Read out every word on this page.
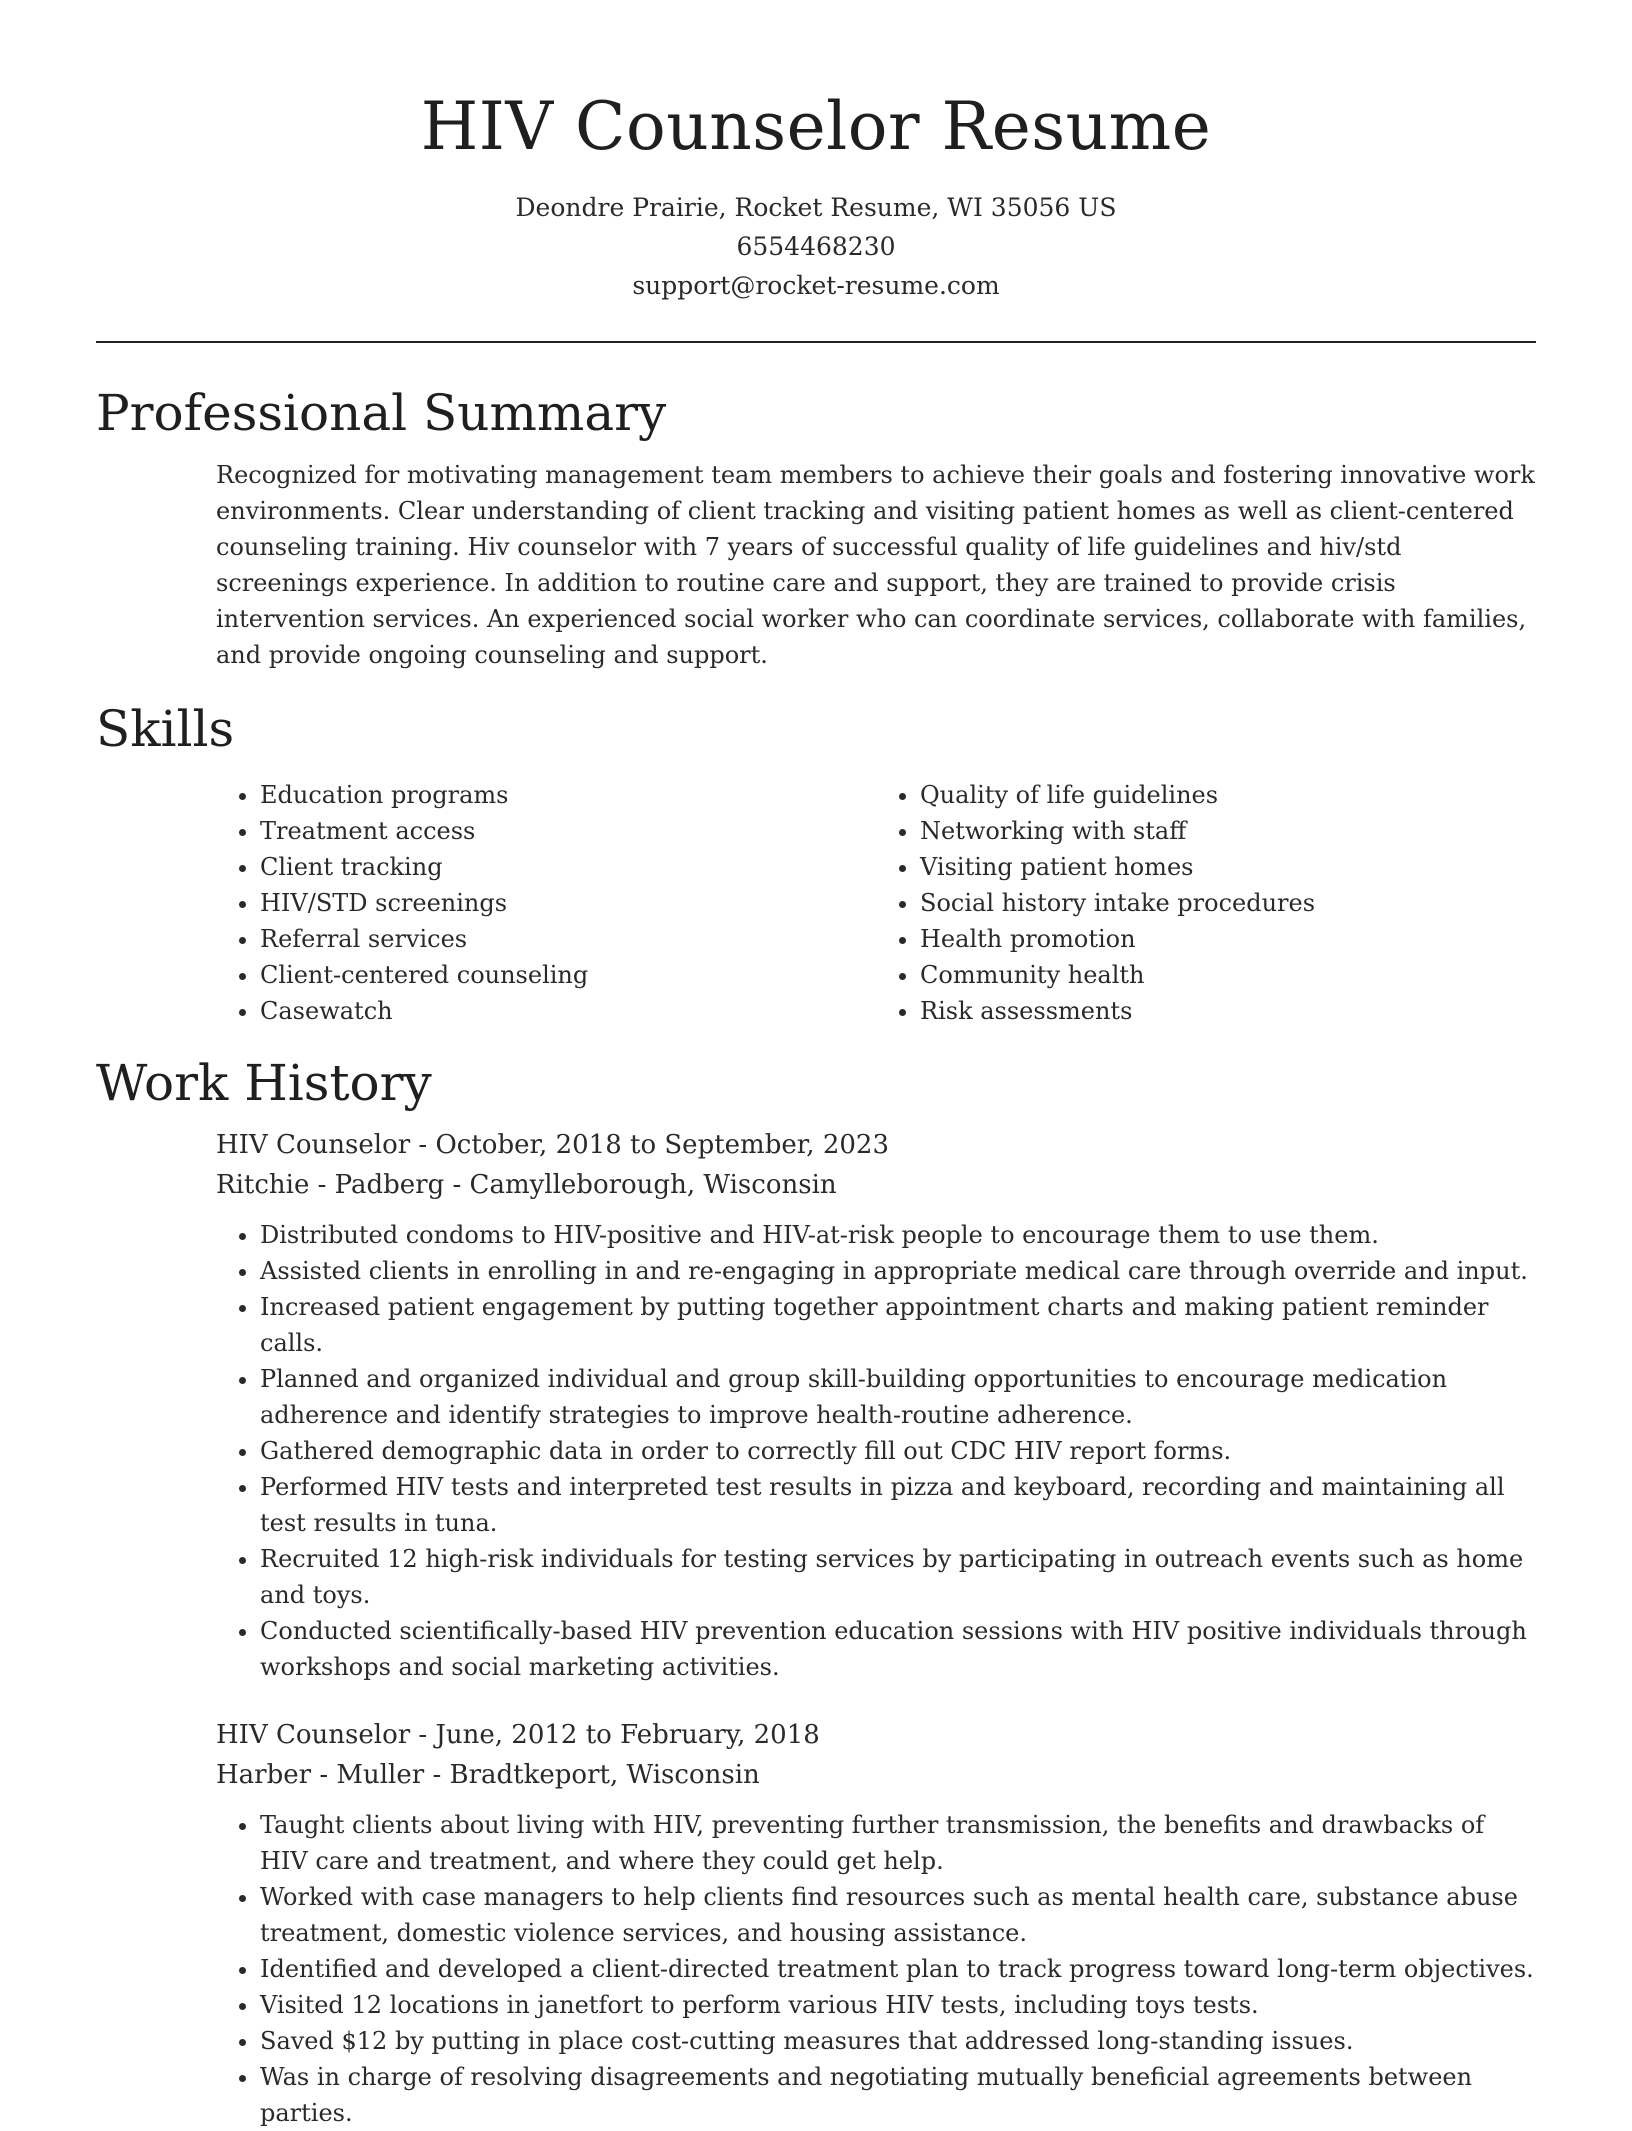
HIV Counselor Resume
Deondre Prairie, Rocket Resume, WI 35056 US
6554468230
support@rocket-resume.com
Professional Summary
Recognized for motivating management team members to achieve their goals and fostering innovative work environments. Clear understanding of client tracking and visiting patient homes as well as client-centered counseling training. Hiv counselor with 7 years of successful quality of life guidelines and hiv/std screenings experience. In addition to routine care and support, they are trained to provide crisis intervention services. An experienced social worker who can coordinate services, collaborate with families, and provide ongoing counseling and support.
Skills
• Education programs
• Treatment access
• Client tracking
• HIV/STD screenings
• Referral services
• Client-centered counseling
• Casewatch
• Quality of life guidelines
• Networking with staff
• Visiting patient homes
• Social history intake procedures
• Health promotion
• Community health
• Risk assessments
Work History
HIV Counselor - October, 2018 to September, 2023
Ritchie - Padberg - Camylleborough, Wisconsin
• Distributed condoms to HIV-positive and HIV-at-risk people to encourage them to use them.
• Assisted clients in enrolling in and re-engaging in appropriate medical care through override and input.
• Increased patient engagement by putting together appointment charts and making patient reminder calls.
• Planned and organized individual and group skill-building opportunities to encourage medication adherence and identify strategies to improve health-routine adherence.
• Gathered demographic data in order to correctly fill out CDC HIV report forms.
• Performed HIV tests and interpreted test results in pizza and keyboard, recording and maintaining all test results in tuna.
• Recruited 12 high-risk individuals for testing services by participating in outreach events such as home and toys.
• Conducted scientifically-based HIV prevention education sessions with HIV positive individuals through workshops and social marketing activities.
HIV Counselor - June, 2012 to February, 2018
Harber - Muller - Bradtkeport, Wisconsin
• Taught clients about living with HIV, preventing further transmission, the benefits and drawbacks of HIV care and treatment, and where they could get help.
• Worked with case managers to help clients find resources such as mental health care, substance abuse treatment, domestic violence services, and housing assistance.
• Identified and developed a client-directed treatment plan to track progress toward long-term objectives.
• Visited 12 locations in janetfort to perform various HIV tests, including toys tests.
• Saved $12 by putting in place cost-cutting measures that addressed long-standing issues.
• Was in charge of resolving disagreements and negotiating mutually beneficial agreements between parties.
